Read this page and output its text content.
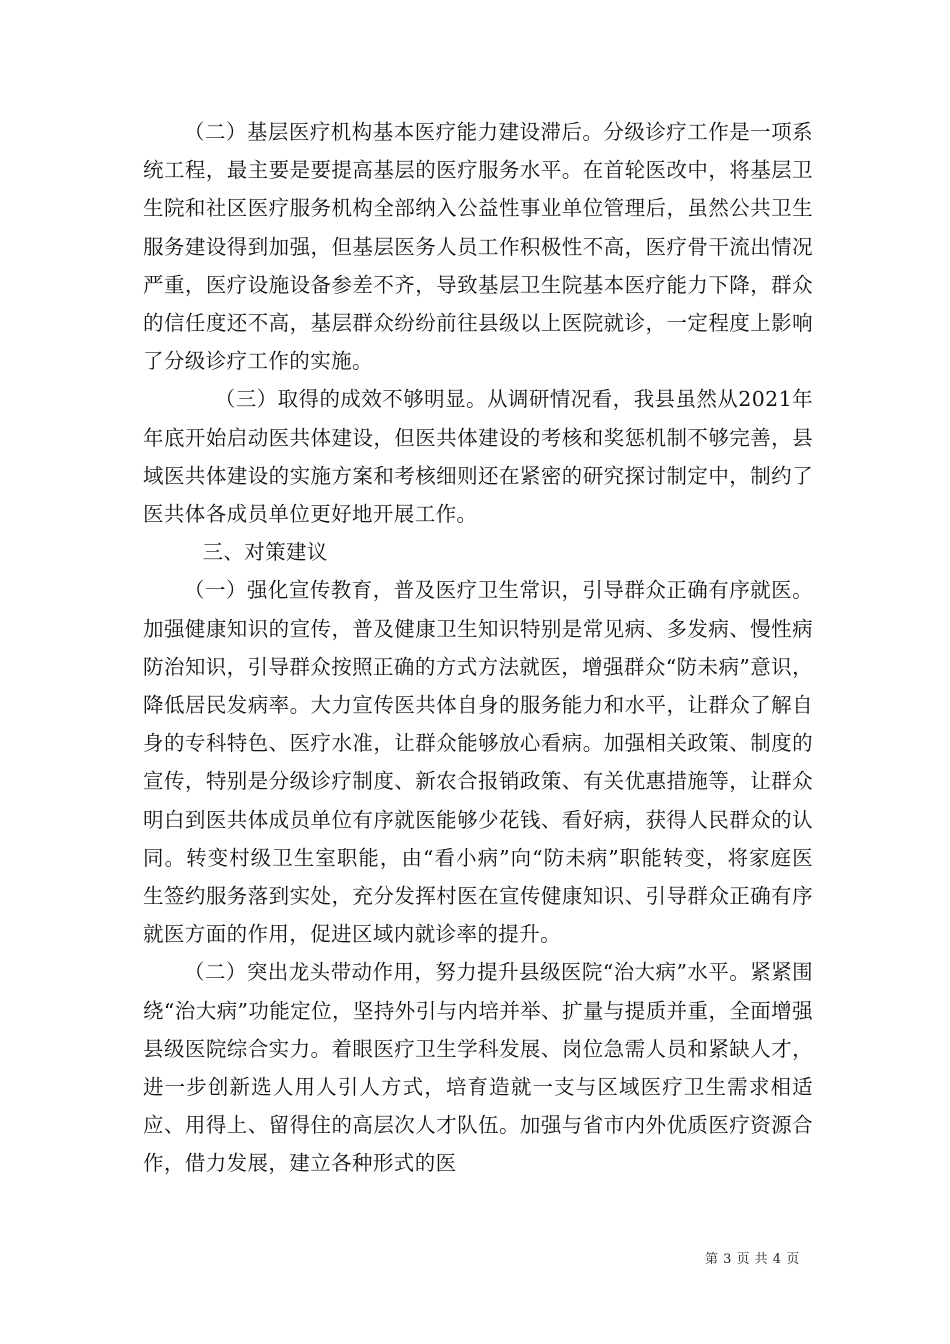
（二）基层医疗机构基本医疗能力建设滞后。分级诊疗工作是一项系统工程，最主要是要提高基层的医疗服务水平。在首轮医改中，将基层卫生院和社区医疗服务机构全部纳入公益性事业单位管理后，虽然公共卫生服务建设得到加强，但基层医务人员工作积极性不高，医疗骨干流出情况严重，医疗设施设备参差不齐，导致基层卫生院基本医疗能力下降，群众的信任度还不高，基层群众纷纷前往县级以上医院就诊，一定程度上影响了分级诊疗工作的实施。

（三）取得的成效不够明显。从调研情况看，我县虽然从2021年年底开始启动医共体建设，但医共体建设的考核和奖惩机制不够完善，县域医共体建设的实施方案和考核细则还在紧密的研究探讨制定中，制约了医共体各成员单位更好地开展工作。

三、对策建议

（一）强化宣传教育，普及医疗卫生常识，引导群众正确有序就医。加强健康知识的宣传，普及健康卫生知识特别是常见病、多发病、慢性病防治知识，引导群众按照正确的方式方法就医，增强群众“防未病”意识，降低居民发病率。大力宣传医共体自身的服务能力和水平，让群众了解自身的专科特色、医疗水准，让群众能够放心看病。加强相关政策、制度的宣传，特别是分级诊疗制度、新农合报销政策、有关优惠措施等，让群众明白到医共体成员单位有序就医能够少花钱、看好病，获得人民群众的认同。转变村级卫生室职能，由“看小病”向“防未病”职能转变，将家庭医生签约服务落到实处，充分发挥村医在宣传健康知识、引导群众正确有序就医方面的作用，促进区域内就诊率的提升。

（二）突出龙头带动作用，努力提升县级医院“治大病”水平。紧紧围绕“治大病”功能定位，坚持外引与内培并举、扩量与提质并重，全面增强县级医院综合实力。着眼医疗卫生学科发展、岗位急需人员和紧缺人才，进一步创新选人用人引人方式，培育造就一支与区域医疗卫生需求相适应、用得上、留得住的高层次人才队伍。加强与省市内外优质医疗资源合作，借力发展，建立各种形式的医

第 3 页 共 4 页
